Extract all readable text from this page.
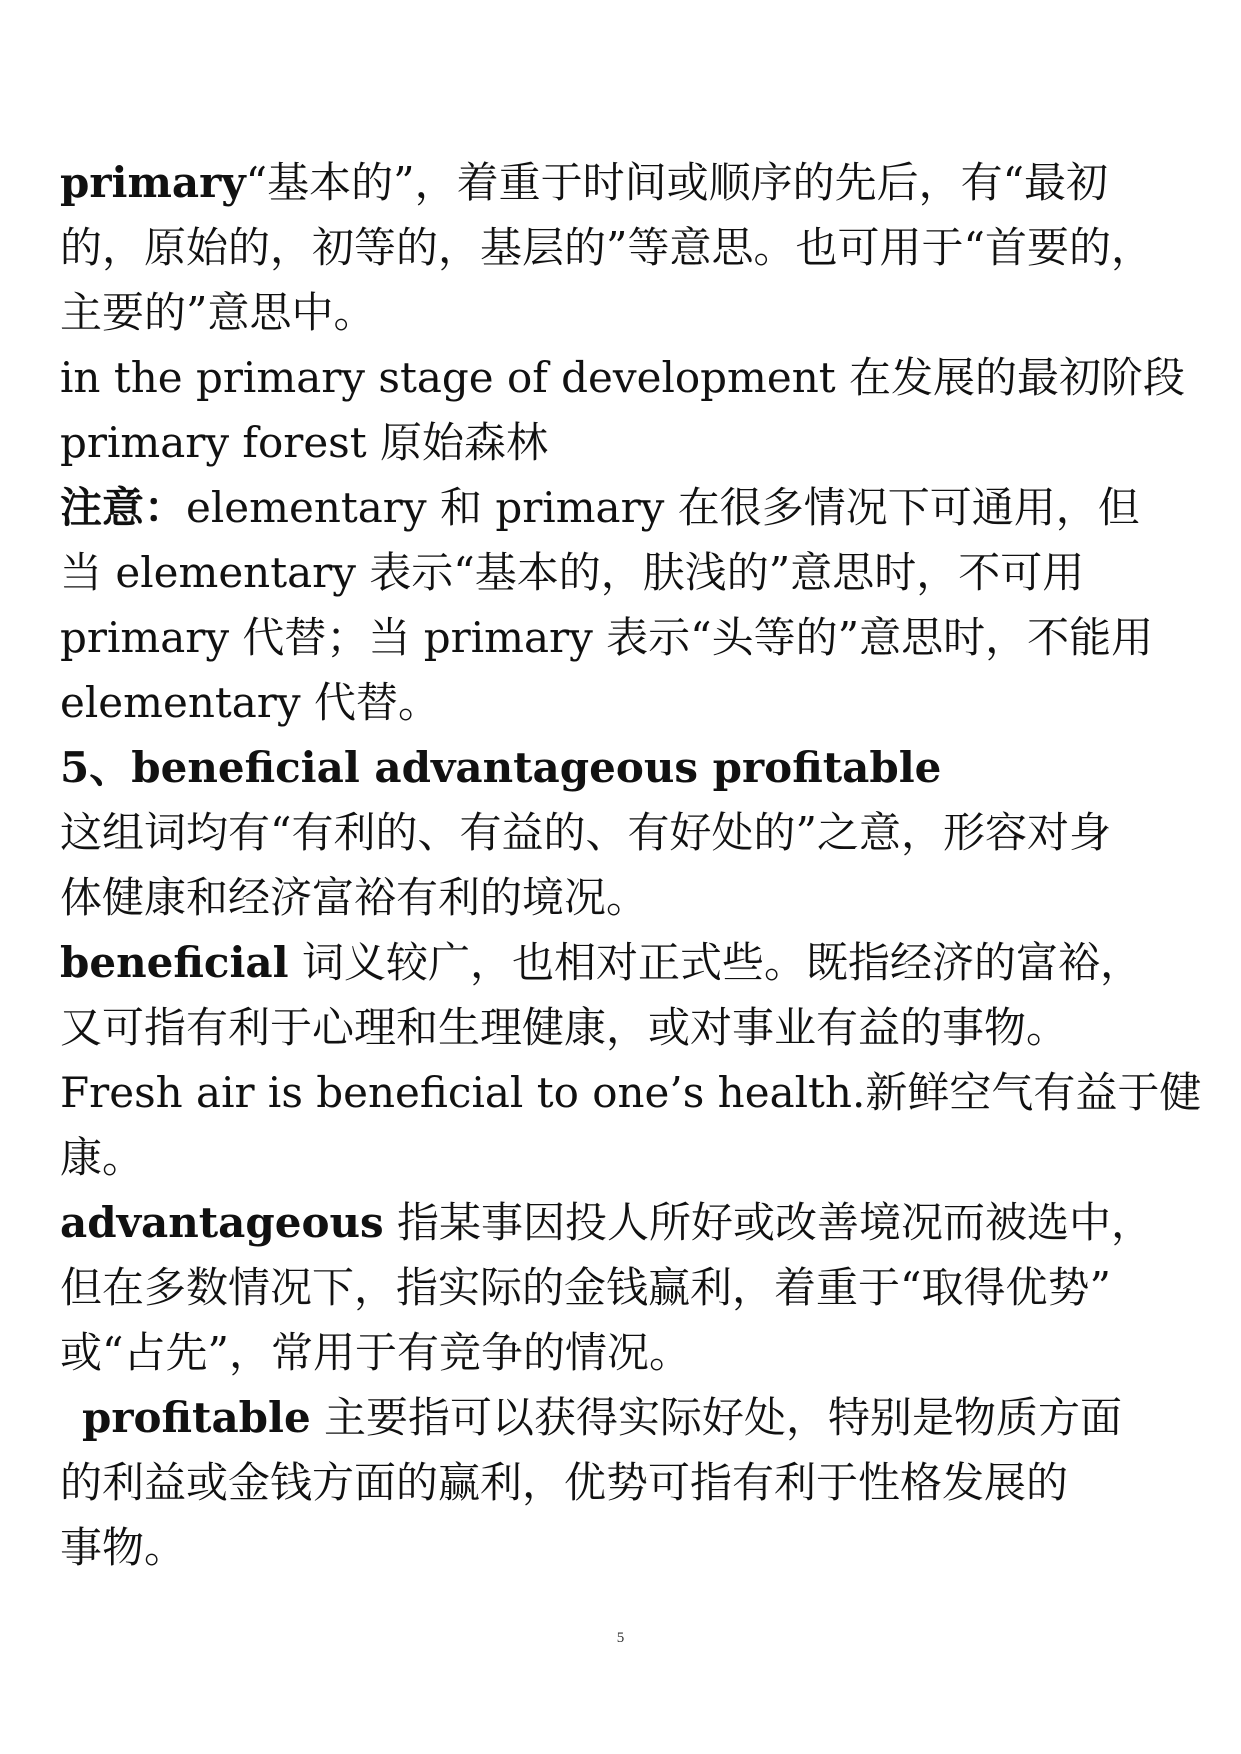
primary“基本的”，着重于时间或顺序的先后，有“最初
的，原始的，初等的，基层的”等意思。也可用于“首要的，
主要的”意思中。
in the primary stage of development 在发展的最初阶段
primary forest 原始森林
注意：elementary 和 primary 在很多情况下可通用，但
当 elementary 表示“基本的，肤浅的”意思时，不可用
primary 代替；当 primary 表示“头等的”意思时，不能用
elementary 代替。
5、beneficial advantageous profitable
这组词均有“有利的、有益的、有好处的”之意，形容对身
体健康和经济富裕有利的境况。
beneficial 词义较广，也相对正式些。既指经济的富裕，
又可指有利于心理和生理健康，或对事业有益的事物。
Fresh air is beneficial to one’s health.新鲜空气有益于健
康。
advantageous 指某事因投人所好或改善境况而被选中，
但在多数情况下，指实际的金钱赢利，着重于“取得优势”
或“占先”，常用于有竞争的情况。
profitable 主要指可以获得实际好处，特别是物质方面
的利益或金钱方面的赢利，优势可指有利于性格发展的
事物。
5
